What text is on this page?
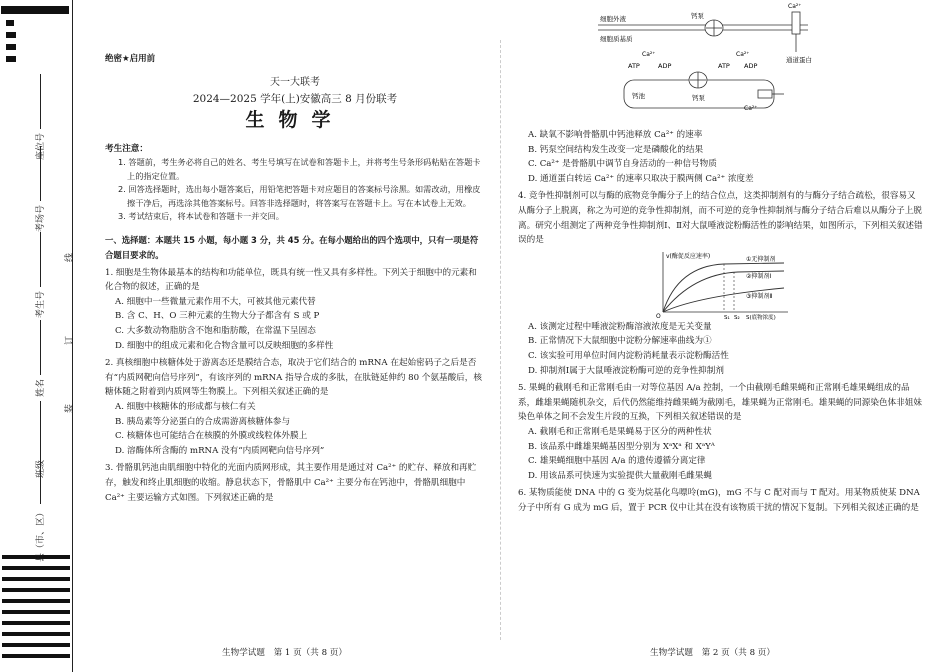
座位号
考场号
考生号
姓名
班级
县（市、区）
线
订
装
绝密★启用前

天一大联考

2024—2025 学年(上)安徽高三 8 月份联考

生物学

考生注意：

1. 答题前，考生务必将自己的姓名、考生号填写在试卷和答题卡上，并将考生号条形码粘贴在答题卡上的指定位置。

2. 回答选择题时，选出每小题答案后，用铅笔把答题卡对应题目的答案标号涂黑。如需改动，用橡皮擦干净后，再选涂其他答案标号。回答非选择题时，将答案写在答题卡上。写在本试卷上无效。

3. 考试结束后，将本试卷和答题卡一并交回。

一、选择题：本题共 15 小题，每小题 3 分，共 45 分。在每小题给出的四个选项中，只有一项是符合题目要求的。

1. 细胞是生物体最基本的结构和功能单位，既具有统一性又具有多样性。下列关于细胞中的元素和化合物的叙述，正确的是

A. 细胞中一些微量元素作用不大，可被其他元素代替

B. 含 C、H、O 三种元素的生物大分子都含有 S 或 P

C. 大多数动物脂肪含不饱和脂肪酸，在常温下呈固态

D. 细胞中的组成元素和化合物含量可以反映细胞的多样性

2. 真核细胞中核糖体处于游离态还是膜结合态，取决于它们结合的 mRNA 在起始密码子之后是否有“内质网靶向信号序列”，有该序列的 mRNA 指导合成的多肽，在肽链延伸约 80 个氨基酸后，核糖体随之附着到内质网等生物膜上。下列相关叙述正确的是

A. 细胞中核糖体的形成都与核仁有关

B. 胰岛素等分泌蛋白的合成需游离核糖体参与

C. 核糖体也可能结合在核膜的外膜或线粒体外膜上

D. 溶酶体所含酶的 mRNA 没有“内质网靶向信号序列”

3. 骨骼肌钙池由肌细胞中特化的光面内质网形成，其主要作用是通过对 Ca²⁺ 的贮存、释放和再贮存，触发和终止肌细胞的收缩。静息状态下，骨骼肌中 Ca²⁺ 主要分布在钙池中，骨骼肌细胞中 Ca²⁺ 主要运输方式如图。下列叙述正确的是

细胞外液
细胞质基质
钙泵
Ca²⁺
通道蛋白
钙池	钙泵
ATP	ADP
Ca²⁺
ATP ADP
Ca²⁺
Ca²⁺

A. 缺氧不影响骨骼肌中钙池释放 Ca²⁺ 的速率

B. 钙泵空间结构发生改变一定是磷酸化的结果

C. Ca²⁺ 是骨骼肌中调节自身活动的一种信号物质

D. 通道蛋白转运 Ca²⁺ 的速率只取决于膜两侧 Ca²⁺ 浓度差

4. 竞争性抑制剂可以与酶的底物竞争酶分子上的结合位点，这类抑制剂有的与酶分子结合疏松，很容易又从酶分子上脱离，称之为可逆的竞争性抑制剂，而不可逆的竞争性抑制剂与酶分子结合后难以从酶分子上脱离。研究小组测定了两种竞争性抑制剂Ⅰ、Ⅱ对大鼠唾液淀粉酶活性的影响结果，如图所示，下列相关叙述错误的是

v(酶促反应速率)
O	S₁ S₂ S(底物浓度)
①无抑制剂
②抑制剂Ⅰ
③抑制剂Ⅱ

A. 该测定过程中唾液淀粉酶溶液浓度是无关变量

B. 正常情况下大鼠细胞中淀粉分解速率曲线为①

C. 该实验可用单位时间内淀粉消耗量表示淀粉酶活性

D. 抑制剂Ⅰ属于大鼠唾液淀粉酶可逆的竞争性抑制剂

5. 果蝇的截刚毛和正常刚毛由一对等位基因 A/a 控制，一个由截刚毛雌果蝇和正常刚毛雄果蝇组成的品系，雌雄果蝇随机杂交，后代仍然能维持雌果蝇为截刚毛，雄果蝇为正常刚毛。雄果蝇的同源染色体非姐妹染色单体之间不会发生片段的互换，下列相关叙述错误的是

A. 截刚毛和正常刚毛是果蝇易于区分的两种性状

B. 该品系中雌雄果蝇基因型分别为 XᵃXᵃ 和 XᵃYᴬ

C. 雄果蝇细胞中基因 A/a 的遗传遵循分离定律

D. 用该品系可快速为实验提供大量截刚毛雌果蝇

6. 某物质能使 DNA 中的 G 变为烷基化鸟嘌呤(mG)，mG 不与 C 配对而与 T 配对。用某物质使某 DNA 分子中所有 G 成为 mG 后，置于 PCR 仪中让其在没有该物质干扰的情况下复制。下列相关叙述正确的是

生物学试题　第 1 页（共 8 页）	生物学试题　第 2 页（共 8 页）
